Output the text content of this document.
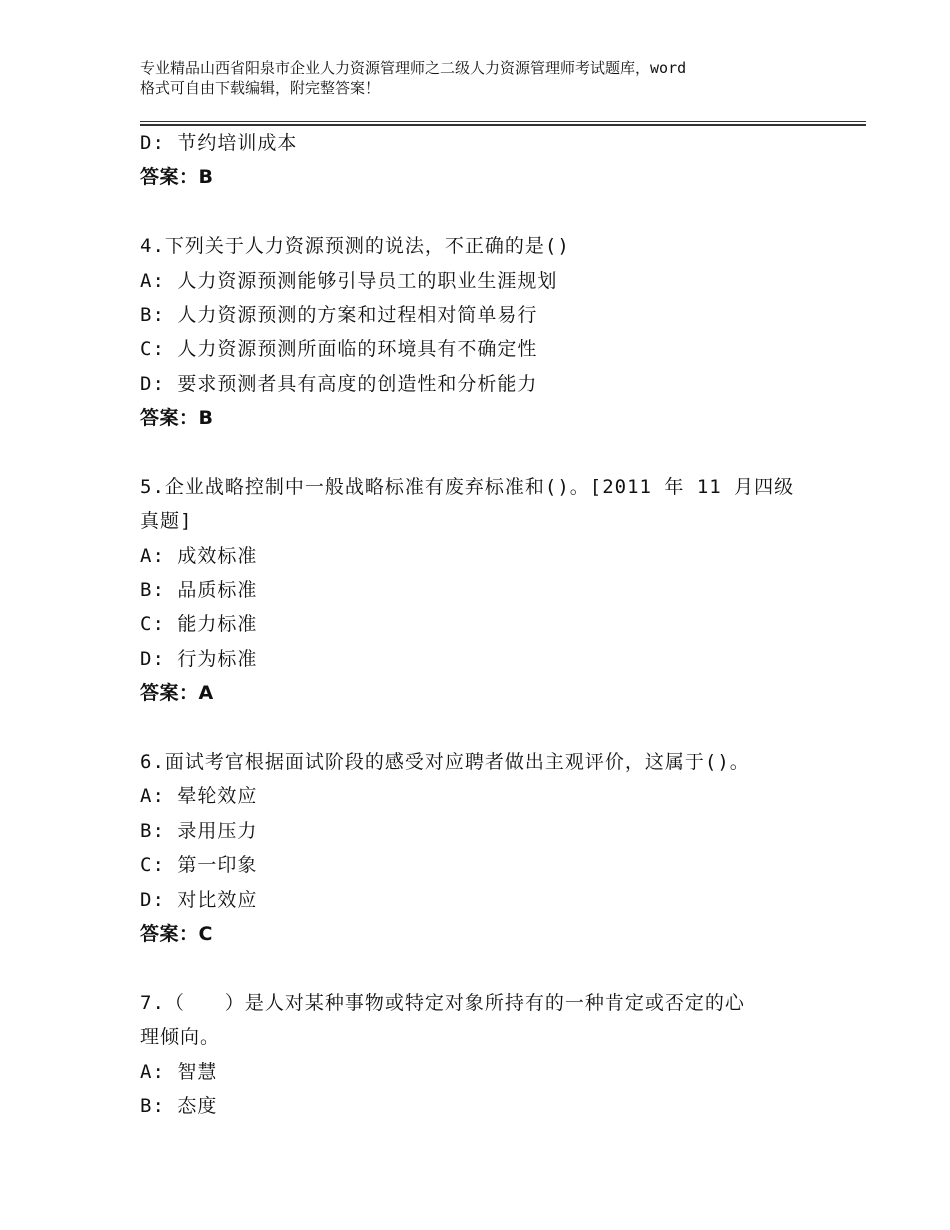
专业精品山西省阳泉市企业人力资源管理师之二级人力资源管理师考试题库，word
格式可自由下载编辑，附完整答案！
D: 节约培训成本
答案：B
4.下列关于人力资源预测的说法，不正确的是()
A: 人力资源预测能够引导员工的职业生涯规划
B: 人力资源预测的方案和过程相对简单易行
C: 人力资源预测所面临的环境具有不确定性
D: 要求预测者具有高度的创造性和分析能力
答案：B
5.企业战略控制中一般战略标准有废弃标准和()。[2011 年 11 月四级
真题]
A: 成效标准
B: 品质标准
C: 能力标准
D: 行为标准
答案：A
6.面试考官根据面试阶段的感受对应聘者做出主观评价，这属于()。
A: 晕轮效应
B: 录用压力
C: 第一印象
D: 对比效应
答案：C
7.（　　）是人对某种事物或特定对象所持有的一种肯定或否定的心
理倾向。
A: 智慧
B: 态度
